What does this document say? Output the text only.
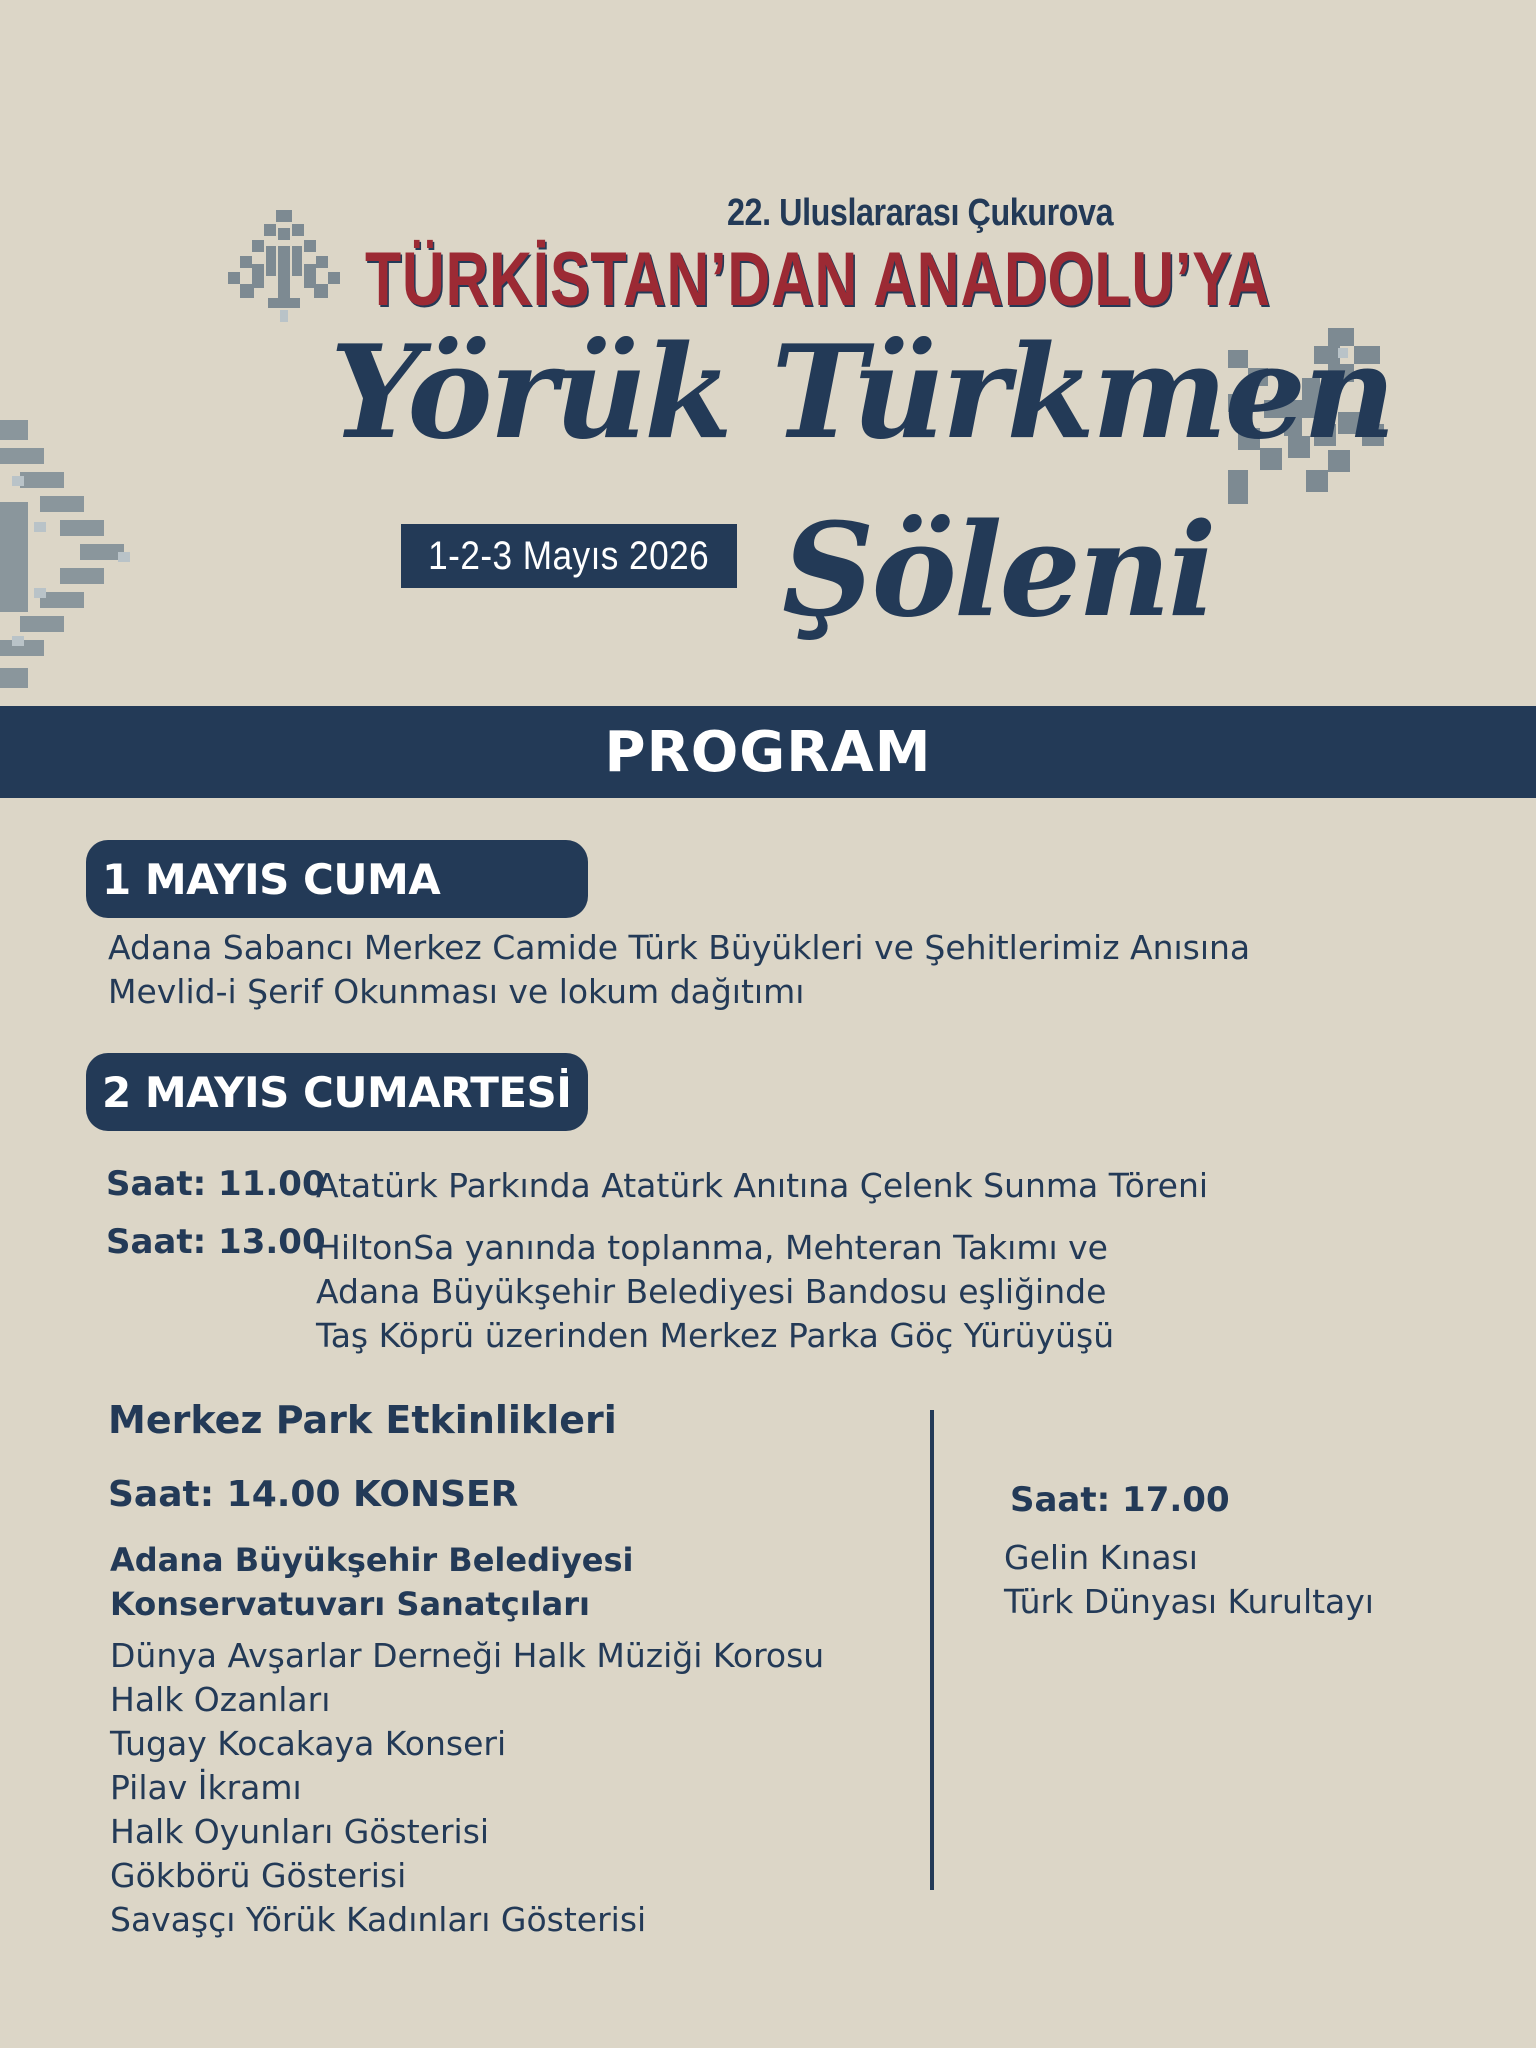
22. Uluslararası Çukurova
TÜRKİSTAN’DAN ANADOLU’YA
Yörük Türkmen
Şöleni
1-2-3 Mayıs 2026
PROGRAM
1 MAYIS CUMA
Adana Sabancı Merkez Camide Türk Büyükleri ve Şehitlerimiz Anısına
Mevlid-i Şerif Okunması ve lokum dağıtımı
2 MAYIS CUMARTESİ
Saat: 11.00
Atatürk Parkında Atatürk Anıtına Çelenk Sunma Töreni
Saat: 13.00
HiltonSa yanında toplanma, Mehteran Takımı ve
Adana Büyükşehir Belediyesi Bandosu eşliğinde
Taş Köprü üzerinden Merkez Parka Göç Yürüyüşü
Merkez Park Etkinlikleri
Saat: 14.00 KONSER
Adana Büyükşehir Belediyesi
Konservatuvarı Sanatçıları
Dünya Avşarlar Derneği Halk Müziği Korosu
Halk Ozanları
Tugay Kocakaya Konseri
Pilav İkramı
Halk Oyunları Gösterisi
Gökbörü Gösterisi
Savaşçı Yörük Kadınları Gösterisi
Saat: 17.00
Gelin Kınası
Türk Dünyası Kurultayı
